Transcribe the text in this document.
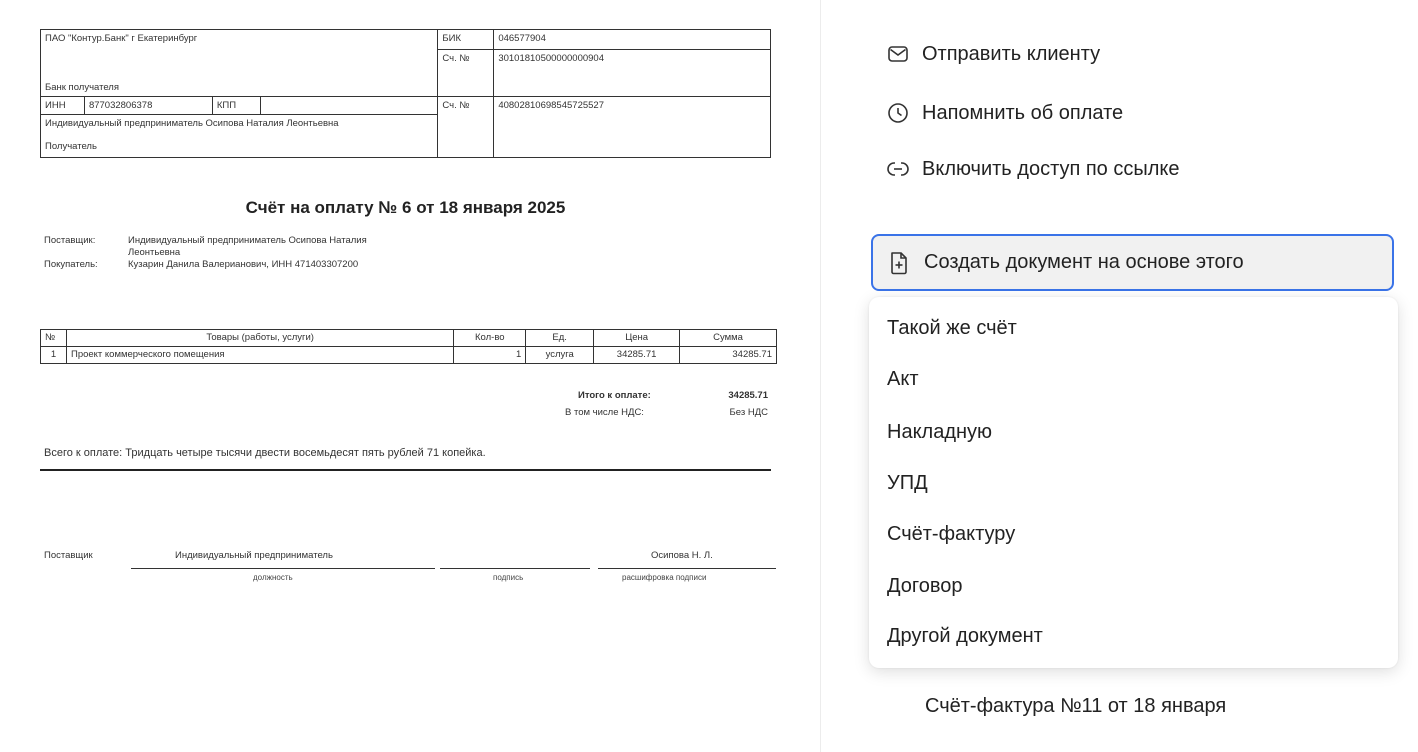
ПАО "Контур.Банк" г Екатеринбург
Банк получателя				БИК	046577904
				Сч. №	30101810500000000904
ИНН	877032806378	КПП		Сч. №	40802810698545725527
Индивидуальный предприниматель Осипова Наталия Леонтьевна
Получатель					
Счёт на оплату № 6 от 18 января 2025
Поставщик:	Индивидуальный предприниматель Осипова Наталия
Леонтьевна
Покупатель:	Кузарин Данила Валерианович, ИНН 471403307200
№	Товары (работы, услуги)	Кол-во	Ед.	Цена	Сумма
1	Проект коммерческого помещения	1	услуга	34285.71	34285.71
Итого к оплате:	34285.71
В том числе НДС:	Без НДС
Всего к оплате: Тридцать четыре тысячи двести восемьдесят пять рублей 71 копейка.
Поставщик	Индивидуальный предприниматель	Осипова Н. Л.
должность	подпись	расшифровка подписи
Отправить клиенту
Напомнить об оплате
Включить доступ по ссылке
Создать документ на основе этого
Такой же счёт
Акт
Накладную
УПД
Счёт-фактуру
Договор
Другой документ
Счёт-фактура №11 от 18 января
